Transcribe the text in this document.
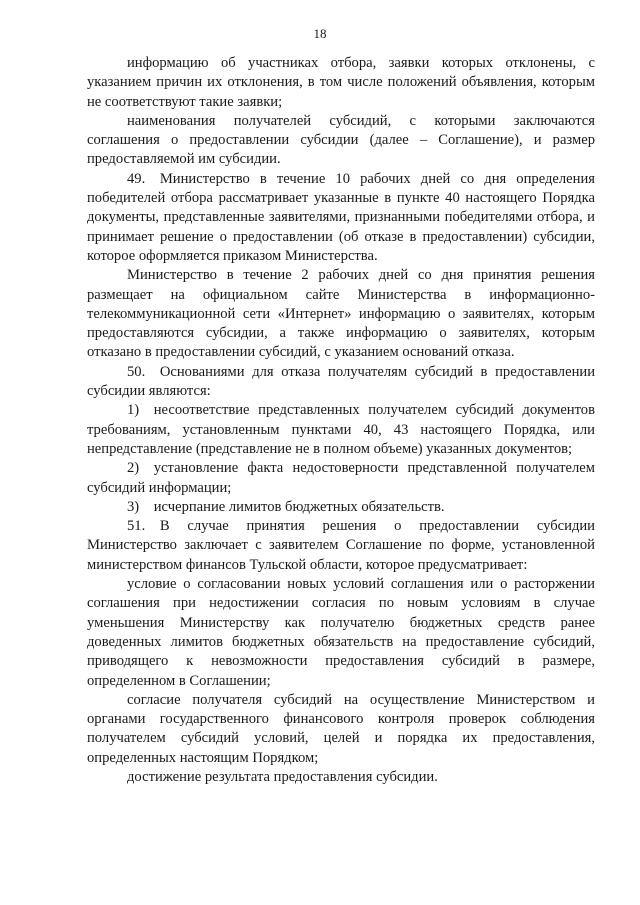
18

информацию об участниках отбора, заявки которых отклонены, с указанием причин их отклонения, в том числе положений объявления, которым не соответствуют такие заявки;

наименования получателей субсидий, с которыми заключаются соглашения о предоставлении субсидии (далее – Соглашение), и размер предоставляемой им субсидии.

49. Министерство в течение 10 рабочих дней со дня определения победителей отбора рассматривает указанные в пункте 40 настоящего Порядка документы, представленные заявителями, признанными победителями отбора, и принимает решение о предоставлении (об отказе в предоставлении) субсидии, которое оформляется приказом Министерства.

Министерство в течение 2 рабочих дней со дня принятия решения размещает на официальном сайте Министерства в информационно-телекоммуникационной сети «Интернет» информацию о заявителях, которым предоставляются субсидии, а также информацию о заявителях, которым отказано в предоставлении субсидий, с указанием оснований отказа.

50. Основаниями для отказа получателям субсидий в предоставлении субсидии являются:

1) несоответствие представленных получателем субсидий документов требованиям, установленным пунктами 40, 43 настоящего Порядка, или непредставление (представление не в полном объеме) указанных документов;

2) установление факта недостоверности представленной получателем субсидий информации;

3) исчерпание лимитов бюджетных обязательств.

51. В случае принятия решения о предоставлении субсидии Министерство заключает с заявителем Соглашение по форме, установленной министерством финансов Тульской области, которое предусматривает:

условие о согласовании новых условий соглашения или о расторжении соглашения при недостижении согласия по новым условиям в случае уменьшения Министерству как получателю бюджетных средств ранее доведенных лимитов бюджетных обязательств на предоставление субсидий, приводящего к невозможности предоставления субсидий в размере, определенном в Соглашении;

согласие получателя субсидий на осуществление Министерством и органами государственного финансового контроля проверок соблюдения получателем субсидий условий, целей и порядка их предоставления, определенных настоящим Порядком;

достижение результата предоставления субсидии.
